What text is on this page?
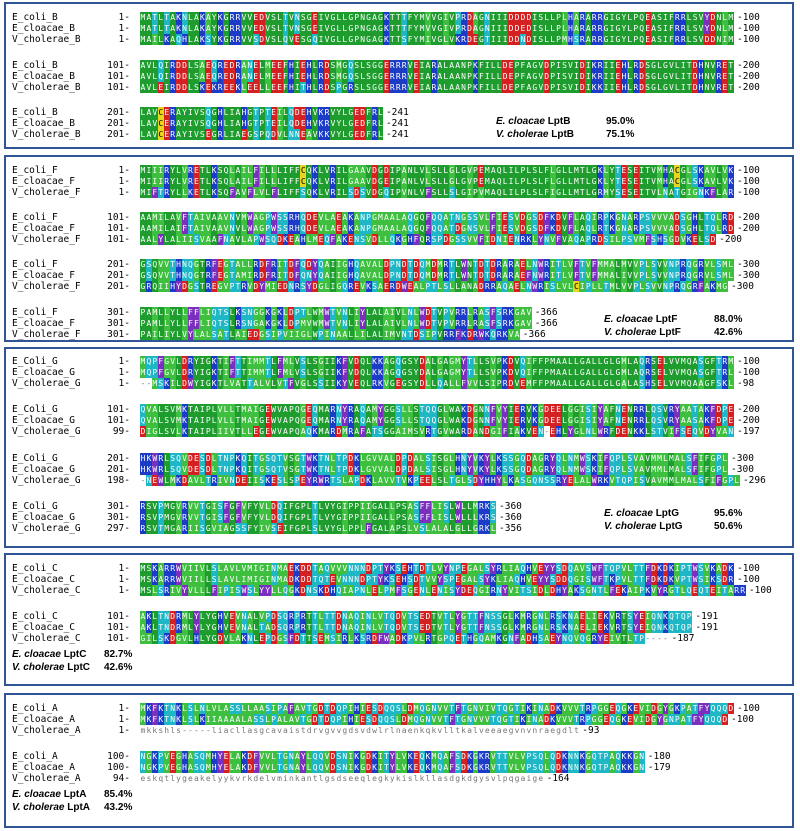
E_coli_B	1- M A T L T A K N L A K A Y K G R R V V E D V S L T V N S G E I V G L L G P N G A G K T T T F Y M V V G I V P R D A G N I I I D D D D I S L L P L H A R A R R G I G Y L P Q E A S I F R R L S V Y D N L M -100
E_cloacae_B	1- M A T L T A K N L A K A Y K G R R V V E D V S L T V N S G E I V G L L G P N G A G K T T T F Y M V V G I V P R D A G N I I I D D E D I S L L P L H A R A R R G I G Y L P Q E A S I F R R L S V Y D N L M -100
V_cholerae_B	1- M A I L K A Q H L A K S Y K G R R V V S D V S L Q V E S G Q I V G L L G P N G A G K T T S F Y M I V G L V K R D E G T I I I D D N D I S L L P M H S R A R R G I G Y L P Q E A S I F R R L S V D D N I M -100
E_coli_B	101- A V L Q I R D D L S A E Q R E D R A N E L M E E F H I E H L R D S M G Q S L S G G E R R R V E I A R A L A A N P K F I L L D E P F A G V D P I S V I D I K R I I E H L R D S G L G V L I T D H N V R E T -200
E_cloacae_B	101- A V L Q I R D D L S A E Q R E D R A N E L M E E F H I E H L R D S M G Q S L S G G E R R R V E I A R A L A A N P K F I L L D E P F A G V D P I S V I D I K R I I E H L R D S G L G V L I T D H N V R E T -200
V_cholerae_B	101- A V L E I R D D L S K E K R E E K L E E L L E E F H I T H L R D S P G R S L S G G E R R R V E I A R A L A A N P K F I L L D E P F A G V D P I S V I D I K K I I E H L R D S G L G V L I T D H N V R E T -200
E_coli_B	201- L A V C E R A Y I V S Q G H L I A H G T P T E I L Q D E H V K R V Y L G E D F R L -241
E_cloacae_B	201- L A V C E R A Y I V S Q G H L I A H G T P T E I L Q D E H V K R V Y L G E D F R L -241
V_cholerae_B	201- L A V C E R A Y I V S E G R L I A E G S P Q D V L N N E A V K K V Y L G E D F R L -241
E. cloacae LptB	95.0%
V. cholerae LptB	75.1%
E_coli_F	1- M I I I R Y L V R E T L K S Q L A I L F I L L L I F F C Q K L V R I L G A A V D G D I P A N L V L S L L G L G V P E M A Q L I L P L S L F L G L L M T L G K L Y T E S E I T V M H A C G L S K A V L V K -100
E_cloacae_F	1- M I I I R Y L V R E T L K S Q L A I L F I L L L I F F C Q K L V R I L G A A V D G E I P A N L V L S L L G L G V P E M A Q L I L P L S L F L G L L M T L G K L Y T E S E I T V M H A C G L S K A V L V K -100
V_cholerae_F	1- M I F T R Y L L K E T L K S Q F A V F L V L F L I F F S Q K L V R I L S D S V D G Q I P V N L V F S L L S L G I P V M A Q L I L P L S L F I G L L M T L G R M Y S E S E I T V L N A T G I G N K F L A R -100
E_coli_F	101- A A M I L A V F T A I V A A V N V M W A G P W S S R H Q D E V L A E A K A N P G M A A L A Q G Q F Q Q A T N G S S V L F I E S V D G S D F K D V F L A Q I R P K G N A R P S V V V A D S G H L T Q L R D -200
E_cloacae_F	101- A A M I L A I F T A I V A A V N V L W A G P W S S R H Q D E V L A E A K A N P G M A A L A Q G Q F Q Q A T D G N S V L F I E S V D G S D F K D V F L A Q L R T K G N A R P S V V V A D S G H L T Q L R D -200
V_cholerae_F	101- A A L Y L A L I I S V A A F N A V L A P W S Q D K E A H L M E Q F A K E N S V D L L Q K G H F Q R S P D G S S V V F I D N I E N R K L Y N V F V A Q A P R D S I L P S V M F S H S G D V K E L S D -200
E_coli_F	201- G S Q V V T H N Q G T R F E G T A L L R D F R I T D F Q D Y Q A I I G H Q A V A L D P N D T D Q M D M R T L W N T D T D R A R A E L N W R I T L V F T V F M M A L M V V P L S V V N P R Q G R V L S M L -300
E_cloacae_F	201- G S Q V V T H N Q G T R F E G T A M I R D F R I T D F Q N Y Q A I I G H Q A V A L D P N D T D Q M D M R T L W N T D T D R A R A E F N W R I T L V F T V F M M A L I V V P L S V V N P R Q G R V L S M L -300
V_cholerae_F	201- G R Q I I H Y D G S T R E G V P T R V D Y M I E D N R S Y D G L I G Q R E V K S A E R D W E A L P T L S L L A N A D R R A Q A E L N W R I S L V L C I P L L T M L V V P L S V V N P R Q G R F A K M G -300
E_coli_F	301- P A M L L Y L L F F L I Q T S L K S N G G K G K L D P T L W M W T V N L I Y L A L A I V L N L W D T V P V R R L R A S F S R K G A V -366
E_cloacae_F	301- P A M L L Y L L F F L I Q T S L R S N G A K G K L D P M V W M W T V N L I Y L A L A I V L N L W D T V P V R R L R A S F S R K G A V -366
V_cholerae_F	301- P A I L I Y L V Y L A L S A T L A I E D G S I P V I I G L W P I N A A L L I L A L I M V N T D S I P V R R F K D R W K Q R K V A -366
E. cloacae LptF	88.0%
V. cholerae LptF	42.6%
E_Coli_G	1- M Q P F G V L D R Y I G K T I F T T I M M T L F M L V S L S G I I K F V D Q L K K A G Q G S Y D A L G A G M Y T L L S V P K D V Q I F F P M A A L L G A L L G L G M L A Q R S E L V V M Q A S G F T R M -100
E_cloacae_G	1- M Q P F G V L D R Y I G K T I F T T I M M T L F M L V S L S G I I K F V D Q L K K A G Q G S Y D A L G A G M Y T L L S V P K D V Q I F F P M A A L L G A L L G L G M L A Q R S E L V V M Q A S G F T R L -100
V_cholerae_G	1- - - M S K I L D W Y I G K T L V A T T A L V L V T F V G L S S I I K Y V E Q L R K V G E G S Y D L L Q A L L F V V L S I P R D V E M F F P M A A L L G A L L G L G A L A S H S E L V V M Q A A G F S K L -98
E_Coli_G	101- Q V A L S V M K T A I P L V L L T M A I G E W V A P Q G E Q M A R N Y R A Q A M Y G G S L L S T Q Q G L W A K D G N N F V Y I E R V K G D E E L G G I S I Y A F N E N R R L Q S V R Y A A T A K F D P E -200
E_cloacae_G	101- Q V A L S V M K T A I P L V L L T M A I G E W V A P Q G E Q M A R N Y R A Q A M Y G G S L L S T Q Q G L W A K D G N N F V Y I E R V K G D E E L G G I S I Y A F N E N R R L Q S V R Y A A S A K F D P E -200
V_cholerae_G	99- D I G L S V L K T A I P L I I V T L L E G E W V A P Q A Q K M A R D M R A F A T S G G A I M S V R T G V W A R D A N D G I F I A K V E N - E H L Y G L N L W R F D E N K K L S T V I F S E Q V D Y V A N -197
E_Coli_G	201- H K W R L S Q V D E S D L T N P K Q I T G S Q T V S G T W K T N L T P D K L G V V A L D P D A L S I S G L H N Y V K Y L K S S G Q D A G R Y Q L N M W S K I F Q P L S V A V M M L M A L S F I F G P L -300
E_cloacae_G	201- H K W R L S Q V D E S D L T N P K Q I T G S Q T V S G T W K T N L T P D K L G V V A L D P D A L S I S G L H N Y V K Y L K S S G Q D A G R Y Q L N M W S K I F Q P L S V A V M M L M A L S F I F G P L -300
V_cholerae_G	198- - N E W L M K D A V L T R I V N D E I I S K E S L S P E Y R W R T S L A P D K L A V V T V K P E E L S L T G L S D Y H H Y L K A S G Q N S S R Y E L A L W R K V T Q P I S V A V M M L M A L S F I F G P L -296
E_Coli_G	301- R S V P M G V R V V T G I S F G F V F Y V L D Q I F G P L T L V Y G I P P I I G A L L P S A S F F L I S L W L L M R K S -360
E_cloacae_G	301- R S V P M G V R V V T G I S F G F V F Y V L D Q I F G P L T L V Y G I P P I I G A L L P S A S F F L I S L W L L L K R S -360
V_cholerae_G	297- R S V T M G A R I I S G V I A G S S F Y I V S E I F G P L S L V Y G L P P L F G A L A P S L V S L A L A L G L L G R K L -356
E. cloacae LptG	95.6%
V. cholerae LptG	50.6%
E_coli_C	1- M S K A R R W V I I V L S L A V L V M I G I N M A E K D D T A Q V V V N N N D P T Y K S E H T D T L V Y N P E G A L S Y R L I A Q H V E Y Y S D Q A V S W F T Q P V L T T F D K D K I P T W S V K A D K -100
E_cloacae_C	1- M S K A R R W V I I L L S L A V L I M I G I N M A D K D D T Q T E V N N N D P T Y K S E H S D T V V Y S P E G A L S Y K L I A Q H V E Y Y S D D Q G I S W F T K P V L T T F D K D K V P T W S I K S D R -100
V_cholerae_C	1- M S L S R I V Y V L L L F I P I S W S L Y Y L L Q G K D N S K D H Q I A P N L E L P M F S G E N L E N I S Y D E Q G I R N Y V I T S I D L D H Y A K S G N T L F E K A I P K V Y R G T L Q E Q T E I T A R R -100
E_coli_C	101- A K L T N D R M L Y L Y G H V E V N A L V P D S Q R P R T T L T T D N A Q I N L V T Q D V T S E D T V T L Y G T T F N S S G L K M R G N L R S K N A E L I E K V R T S Y E I Q N K Q T Q P -191
E_cloacae_C	101- A K L T N D R M L Y L Y G H V E V N A L T A D S Q R P R T T L T T D N A Q I N L V T Q D V T S E D T V T L Y G T T F N S S G L K M R G N L R S K N A E L I E K V R T S Y E I Q N K Q T Q P -191
V_cholerae_C	101- G I L S K D G V L H L Y G D V L A K N L E P D G S F D T T S E M S I R L K S R D F W A D K P V L R T G P Q E T H G Q A M K G N F A D H S A E Y N Q V Q G R Y E I V T L T P - - - - -187
E. cloacae LptC 82.7%
V. cholerae LptC 42.6%
E_coli_A	1- M K F K T N K L S L N L V L A S S L L A A S I P A F A V T G D T D Q P I H I E S D Q Q S L D M Q G N V V T F T G N V I V T Q G T I K I N A D K V V V T R P G G E Q G K E V I D G Y G K P A T F Y Q Q Q D -100
E_cloacae_A	1- M K F K T N K L S L K I I A A A A L A S S L P A L A V T G D T D Q P I H I E S D Q Q S L D M Q G N V V T F T G N V V V T Q G T I K I N A D K V V V T R P G G E Q G K E V I D G Y G N P A T F Y Q Q Q D -100
V_cholerae_A	1- m k k s h l s - - - - - l i a c l l a s g c a v a i s t d r v g v v g d s v d w l r l n a e n k q k v l l t k a l v e e a e g v n v n r a e g d l t -93
E_coli_A	100- N G K P V E G H A S Q M H Y E L A K D F V V L T G N A Y L Q Q V D S N I K G D K I T Y L V K E Q K M Q A F S D K G K R V T T V L V P S Q L Q D K N N K G Q T P A Q K K G N -180
E_cloacae_A	100- N G K P V E G H A S Q M H Y E L A K D F V V L T G N A Y L Q Q V D S N I K G D K I T Y L V K E Q K M Q A F S D K G K R V T T V L V P S Q L Q D K N N K G Q T P A Q K K G N -179
V_cholerae_A	94- e s k q t l y g e a k e l y y k v r k d e l v m i n k a n t l g s d s e e q l e g k y k i s l k l l a s d g k d g y s v l p q g a i g e -164
E. cloacae LptA 85.4%
V. cholerae LptA 43.2%
